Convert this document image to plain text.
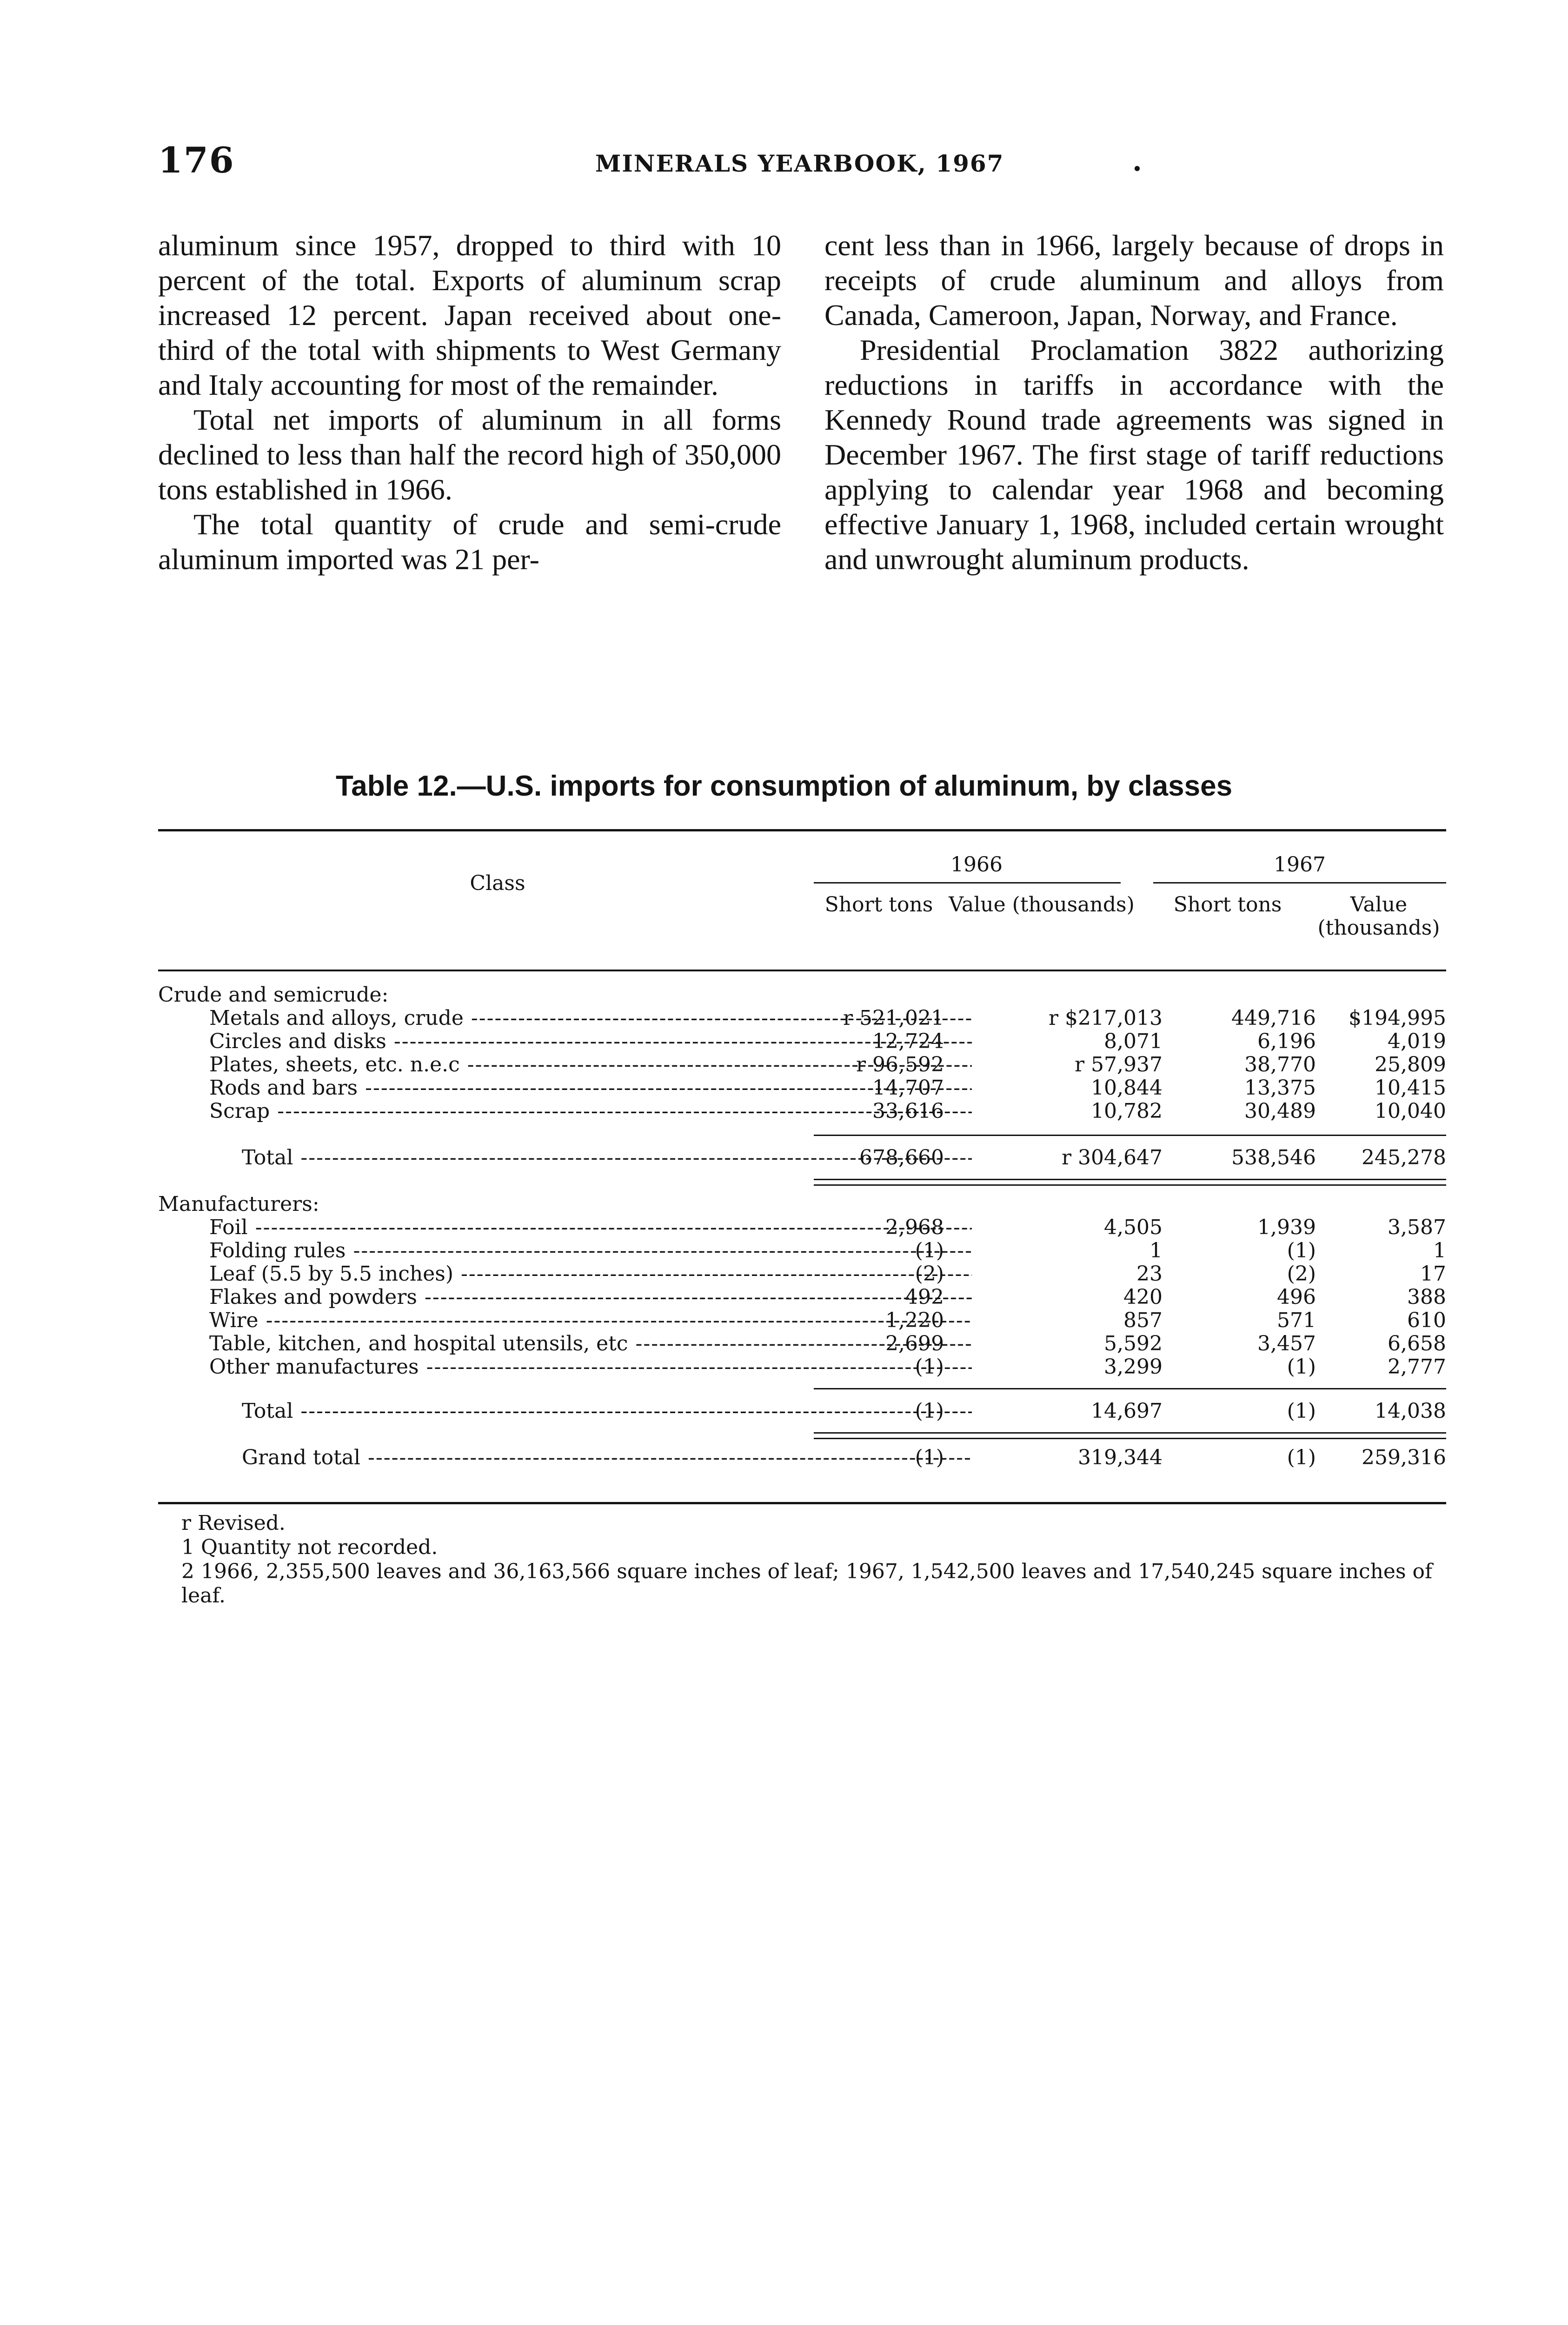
176	MINERALS YEARBOOK, 1967	.

aluminum since 1957, dropped to third with 10 percent of the total. Exports of aluminum scrap increased 12 percent. Japan received about one-third of the total with shipments to West Germany and Italy accounting for most of the remainder.

Total net imports of aluminum in all forms declined to less than half the record high of 350,000 tons established in 1966.

The total quantity of crude and semi-crude aluminum imported was 21 per-

cent less than in 1966, largely because of drops in receipts of crude aluminum and alloys from Canada, Cameroon, Japan, Norway, and France.

Presidential Proclamation 3822 authorizing reductions in tariffs in accordance with the Kennedy Round trade agreements was signed in December 1967. The first stage of tariff reductions applying to calendar year 1968 and becoming effective January 1, 1968, included certain wrought and unwrought aluminum products.

Table 12.—U.S. imports for consumption of aluminum, by classes
Class
1966	1967
Short tons Value (thousands)	Short tons	Value (thousands)
Crude and semicrude:
Metals and alloys, crude -----	r 521,021	r $217,013	449,716	$194,995
Circles and disks -----	12,724	8,071	6,196	4,019
Plates, sheets, etc. n.e.c -----	r 96,592	r 57,937	38,770	25,809
Rods and bars -----	14,707	10,844	13,375	10,415
Scrap -----	33,616	10,782	30,489	10,040
Total -----	678,660	r 304,647	538,546	245,278
Manufacturers:
Foil -----	2,968	4,505	1,939	3,587
Folding rules -----	(1)	1	(1)	1
Leaf (5.5 by 5.5 inches) -----	(2)	23	(2)	17
Flakes and powders -----	492	420	496	388
Wire -----	1,220	857	571	610
Table, kitchen, and hospital utensils, etc -----	2,699	5,592	3,457	6,658
Other manufactures -----	(1)	3,299	(1)	2,777
Total -----	(1)	14,697	(1)	14,038
Grand total -----	(1)	319,344	(1)	259,316
r Revised.
1 Quantity not recorded.
2 1966, 2,355,500 leaves and 36,163,566 square inches of leaf; 1967, 1,542,500 leaves and 17,540,245 square inches of leaf.
